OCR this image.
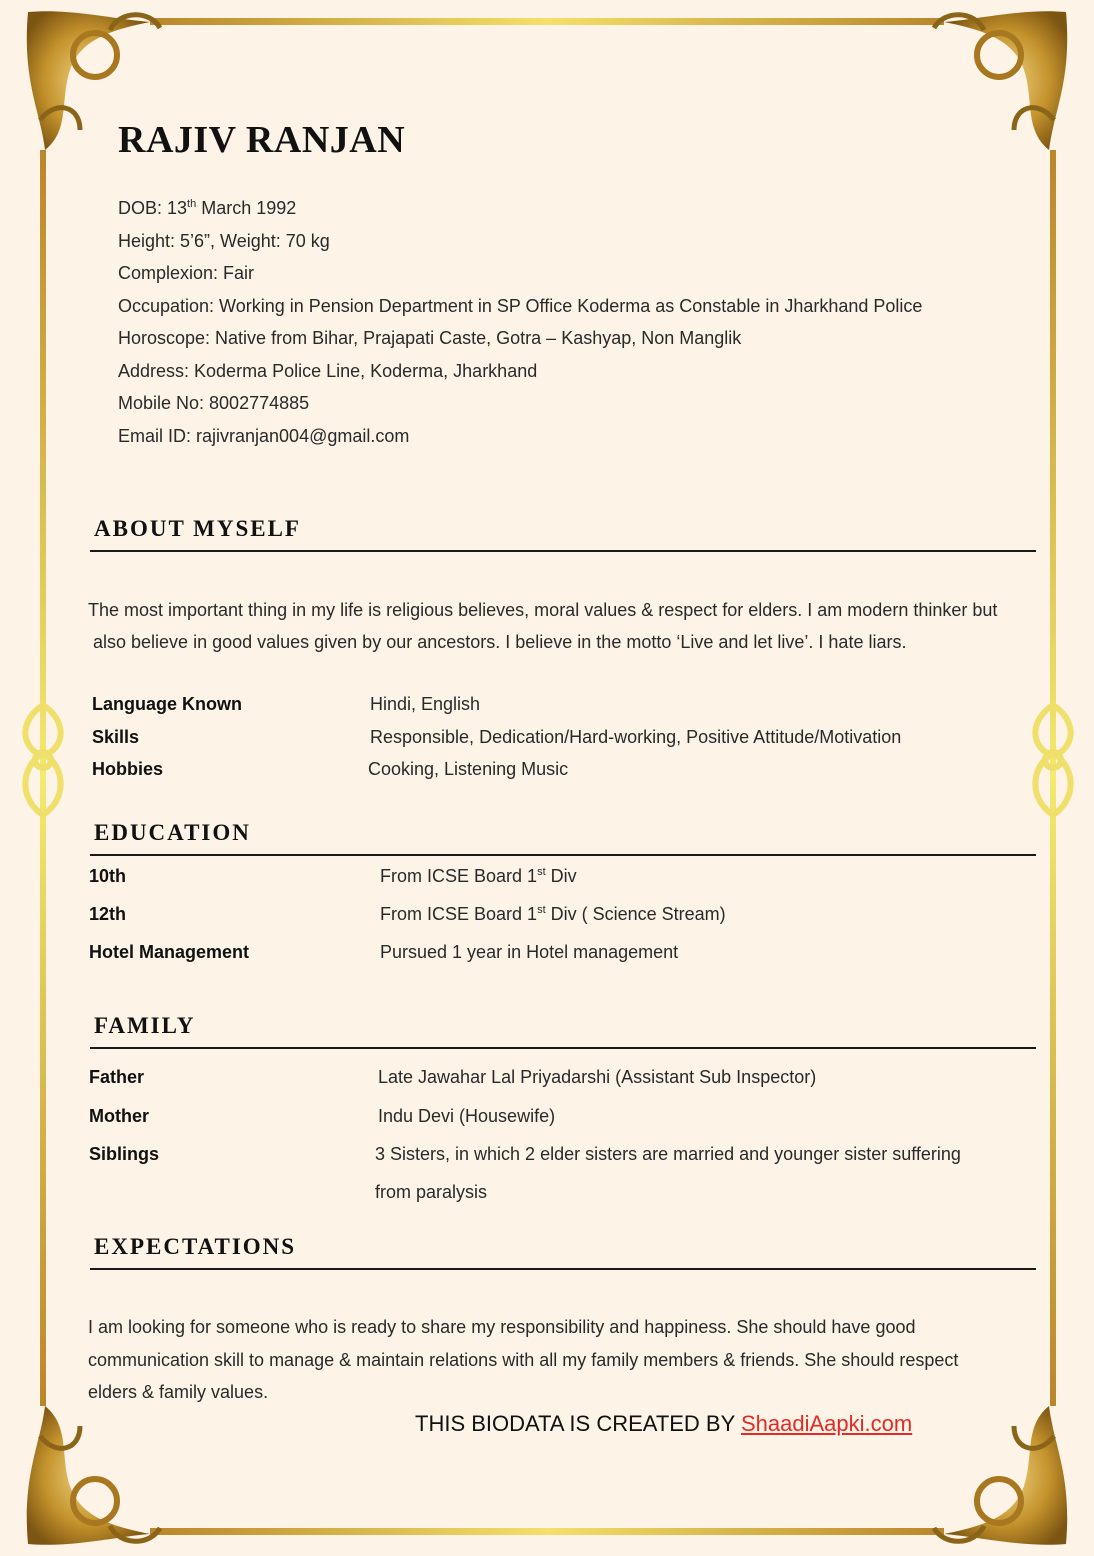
RAJIV RANJAN
DOB: 13th March 1992
Height: 5’6”, Weight: 70 kg
Complexion: Fair
Occupation: Working in Pension Department in SP Office Koderma as Constable in Jharkhand Police
Horoscope: Native from Bihar, Prajapati Caste, Gotra – Kashyap, Non Manglik
Address: Koderma Police Line, Koderma, Jharkhand
Mobile No: 8002774885
Email ID: rajivranjan004@gmail.com
ABOUT MYSELF
The most important thing in my life is religious believes, moral values & respect for elders. I am modern thinker but
also believe in good values given by our ancestors. I believe in the motto ‘Live and let live’. I hate liars.
Language Known	Hindi, English
Skills	Responsible, Dedication/Hard-working, Positive Attitude/Motivation
Hobbies	Cooking, Listening Music
EDUCATION
10th	From ICSE Board 1st Div
12th	From ICSE Board 1st Div ( Science Stream)
Hotel Management	Pursued 1 year in Hotel management
FAMILY
Father	Late Jawahar Lal Priyadarshi (Assistant Sub Inspector)
Mother	Indu Devi (Housewife)
Siblings	3 Sisters, in which 2 elder sisters are married and younger sister suffering
from paralysis
EXPECTATIONS
I am looking for someone who is ready to share my responsibility and happiness. She should have good
communication skill to manage & maintain relations with all my family members & friends. She should respect
elders & family values.
THIS BIODATA IS CREATED BY ShaadiAapki.com
